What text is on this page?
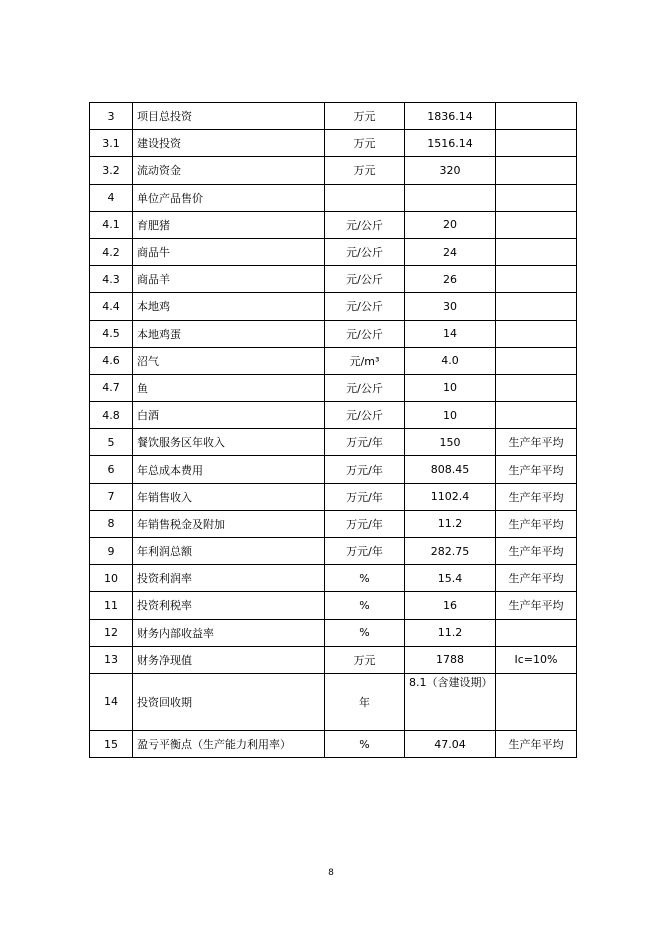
3	项目总投资	万元	1836.14	
3.1	建设投资	万元	1516.14	
3.2	流动资金	万元	320	
4	单位产品售价			
4.1	育肥猪	元/公斤	20	
4.2	商品牛	元/公斤	24	
4.3	商品羊	元/公斤	26	
4.4	本地鸡	元/公斤	30	
4.5	本地鸡蛋	元/公斤	14	
4.6	沼气	元/m³	4.0	
4.7	鱼	元/公斤	10	
4.8	白酒	元/公斤	10	
5	餐饮服务区年收入	万元/年	150	生产年平均
6	年总成本费用	万元/年	808.45	生产年平均
7	年销售收入	万元/年	1102.4	生产年平均
8	年销售税金及附加	万元/年	11.2	生产年平均
9	年利润总额	万元/年	282.75	生产年平均
10	投资利润率	%	15.4	生产年平均
11	投资利税率	%	16	生产年平均
12	财务内部收益率	%	11.2	
13	财务净现值	万元	1788	Ic=10%
14	投资回收期	年	8.1（含建设期）	
15	盈亏平衡点（生产能力利用率）	%	47.04	生产年平均
8
